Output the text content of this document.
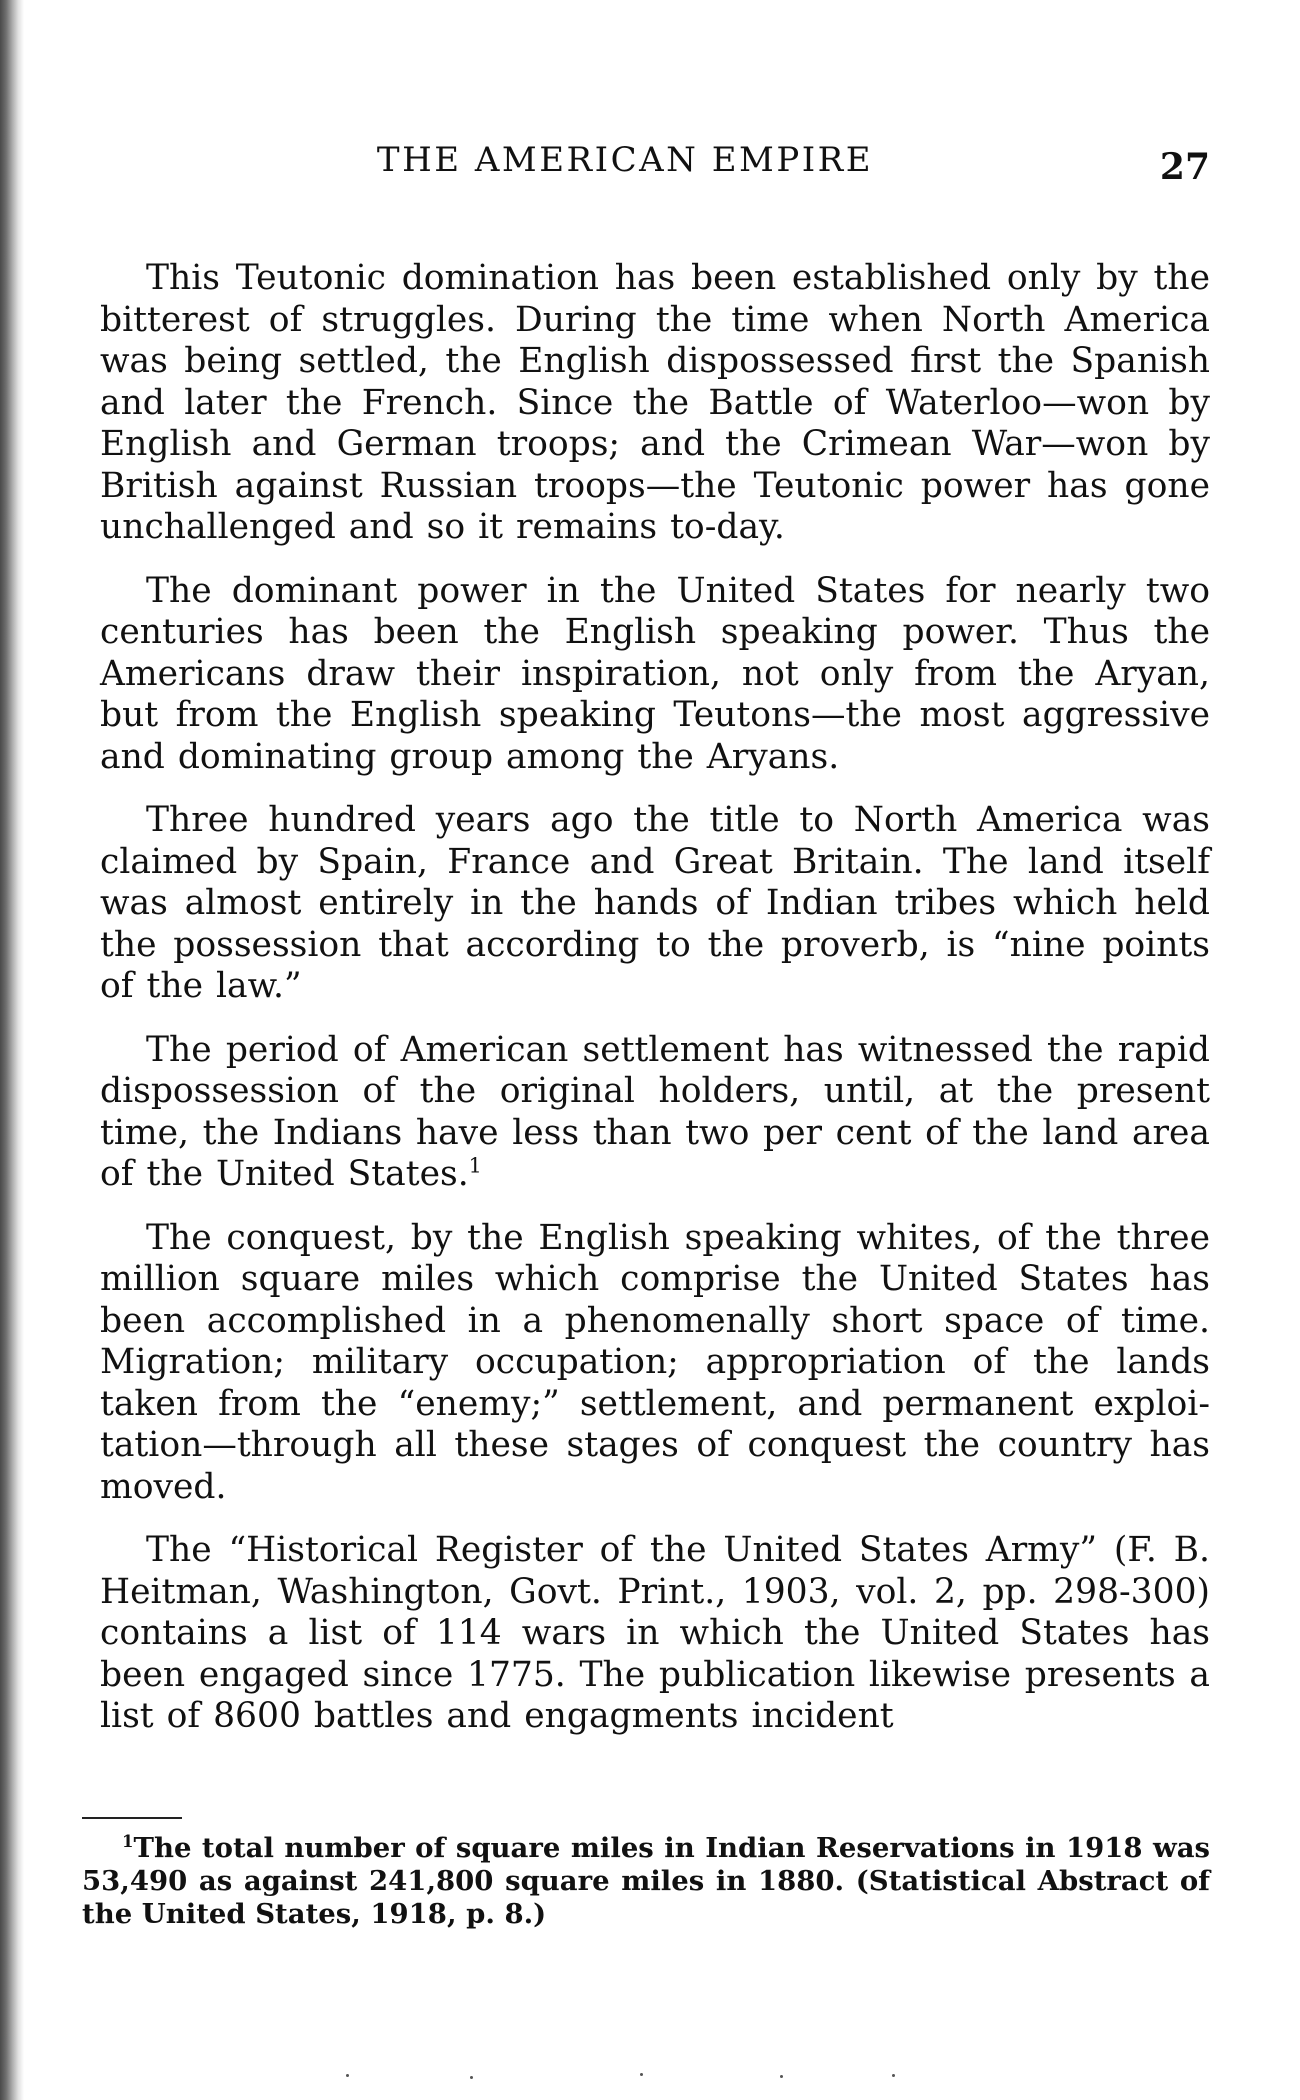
THE AMERICAN EMPIRE	27

This Teutonic domination has been established only by the bitterest of struggles. During the time when North America was being settled, the English dispossessed first the Spanish and later the French. Since the Battle of Waterloo—won by English and German troops; and the Crimean War—won by British against Russian troops—the Teutonic power has gone unchallenged and so it remains to-day.

The dominant power in the United States for nearly two centuries has been the English speaking power. Thus the Americans draw their inspiration, not only from the Aryan, but from the English speaking Teutons—the most aggressive and dominating group among the Aryans.

Three hundred years ago the title to North America was claimed by Spain, France and Great Britain. The land itself was almost entirely in the hands of Indian tribes which held the possession that according to the proverb, is “nine points of the law.”

The period of American settlement has witnessed the rapid dispossession of the original holders, until, at the present time, the Indians have less than two per cent of the land area of the United States.$^1$

The conquest, by the English speaking whites, of the three million square miles which comprise the United States has been accomplished in a phenomenally short space of time. Migration; military occupation; appropriation of the lands taken from the “enemy;” settlement, and permanent exploitation—through all these stages of conquest the country has moved.

The “Historical Register of the United States Army” (F. B. Heitman, Washington, Govt. Print., 1903, vol. 2, pp. 298-300) contains a list of 114 wars in which the United States has been engaged since 1775. The publication likewise presents a list of 8600 battles and engagments incident

$^1$The total number of square miles in Indian Reservations in 1918 was 53,490 as against 241,800 square miles in 1880. (Statistical Abstract of the United States, 1918, p. 8.)
